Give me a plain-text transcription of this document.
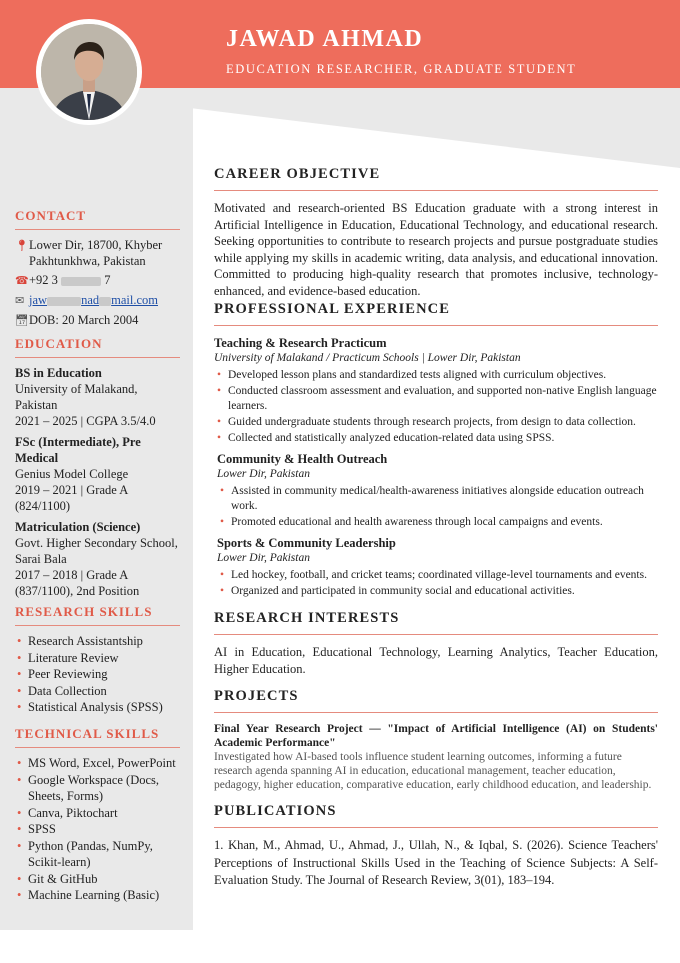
JAWAD AHMAD
EDUCATION RESEARCHER, GRADUATE STUDENT
CONTACT
📍︎ Lower Dir, 18700, Khyber Pakhtunkhwa, Pakistan
☎ +92 3	7
✉ jaw	nad mail.com
📅︎ DOB: 20 March 2004
EDUCATION
BS in Education
University of Malakand, Pakistan
2021 – 2025 | CGPA 3.5/4.0
FSc (Intermediate), Pre Medical
Genius Model College
2019 – 2021 | Grade A (824/1100)
Matriculation (Science)
Govt. Higher Secondary School, Sarai Bala
2017 – 2018 | Grade A (837/1100), 2nd Position
RESEARCH SKILLS
• Research Assistantship
• Literature Review
• Peer Reviewing
• Data Collection
• Statistical Analysis (SPSS)
TECHNICAL SKILLS
• MS Word, Excel, PowerPoint
• Google Workspace (Docs, Sheets, Forms)
• Canva, Piktochart
• SPSS
• Python (Pandas, NumPy, Scikit-learn)
• Git & GitHub
• Machine Learning (Basic)
CAREER OBJECTIVE
Motivated and research-oriented BS Education graduate with a strong interest in Artificial Intelligence in Education, Educational Technology, and educational research. Seeking opportunities to contribute to research projects and pursue postgraduate studies while applying my skills in academic writing, data analysis, and educational innovation. Committed to producing high-quality research that promotes inclusive, technology-enhanced, and evidence-based education.
PROFESSIONAL EXPERIENCE
Teaching & Research Practicum
University of Malakand / Practicum Schools | Lower Dir, Pakistan
• Developed lesson plans and standardized tests aligned with curriculum objectives.
• Conducted classroom assessment and evaluation, and supported non-native English language learners.
• Guided undergraduate students through research projects, from design to data collection.
• Collected and statistically analyzed education-related data using SPSS.
Community & Health Outreach
Lower Dir, Pakistan
• Assisted in community medical/health-awareness initiatives alongside education outreach work.
• Promoted educational and health awareness through local campaigns and events.
Sports & Community Leadership
Lower Dir, Pakistan
• Led hockey, football, and cricket teams; coordinated village-level tournaments and events.
• Organized and participated in community social and educational activities.
RESEARCH INTERESTS
AI in Education, Educational Technology, Learning Analytics, Teacher Education, Higher Education.
PROJECTS
Final Year Research Project — "Impact of Artificial Intelligence (AI) on Students' Academic Performance"
Investigated how AI-based tools influence student learning outcomes, informing a future research agenda spanning AI in education, educational management, teacher education, pedagogy, higher education, comparative education, early childhood education, and leadership.
PUBLICATIONS
1. Khan, M., Ahmad, U., Ahmad, J., Ullah, N., & Iqbal, S. (2026). Science Teachers' Perceptions of Instructional Skills Used in the Teaching of Science Subjects: A Self-Evaluation Study. The Journal of Research Review, 3(01), 183–194.
